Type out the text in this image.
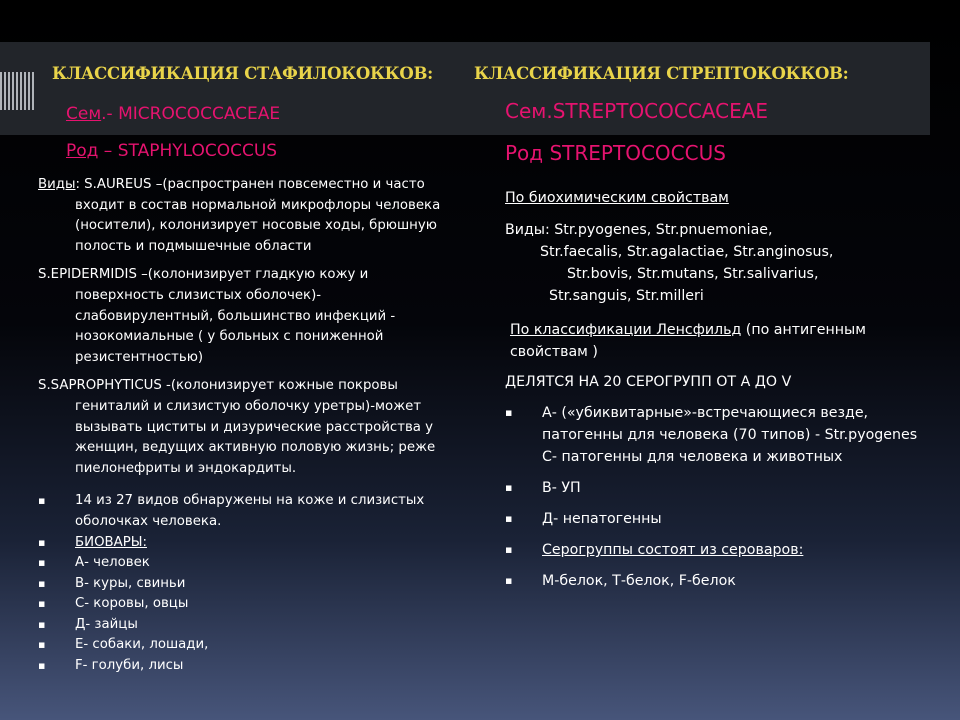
КЛАССИФИКАЦИЯ СТАФИЛОКОККОВ: КЛАССИФИКАЦИЯ СТРЕПТОКОККОВ:
Сем.- MICROCOCCACEAE
Род – STAPHYLOCOCCUS
Сем.STREPTOCOCCACEAE
Род STREPTOCOCCUS

Виды: S.AUREUS –(распространен повсеместно и часто входит в состав нормальной микрофлоры человека (носители), колонизирует носовые ходы, брюшную полость и подмышечные области

S.EPIDERMIDIS –(колонизирует гладкую кожу и поверхность слизистых оболочек)-слабовирулентный, большинство инфекций - нозокомиальные ( у больных с пониженной резистентностью)

S.SAPROPHYTICUS -(колонизирует кожные покровы гениталий и слизистую оболочку уретры)-может вызывать циститы и дизурические расстройства у женщин, ведущих активную половую жизнь; реже пиелонефриты и эндокардиты.

▪ 14 из 27 видов обнаружены на коже и слизистых оболочках человека.
▪ БИОВАРЫ:
▪ А- человек
▪ В- куры, свиньи
▪ С- коровы, овцы
▪ Д- зайцы
▪ Е- собаки, лошади,
▪ F- голуби, лисы

По биохимическим свойствам

Виды: Str.pyogenes, Str.pnuemoniae,
Str.faecalis, Str.agalactiae, Str.anginosus,
Str.bovis, Str.mutans, Str.salivarius,
Str.sanguis, Str.milleri

По классификации Ленсфильд (по антигенным свойствам )

ДЕЛЯТСЯ НА 20 СЕРОГРУПП ОТ А ДО V

▪ А- («убиквитарные»-встречающиеся везде, патогенны для человека (70 типов) - Str.pyogenes С- патогенны для человека и животных
▪ В- УП
▪ Д- непатогенны
▪ Серогруппы состоят из сероваров:
▪ М-белок, Т-белок, F-белок
